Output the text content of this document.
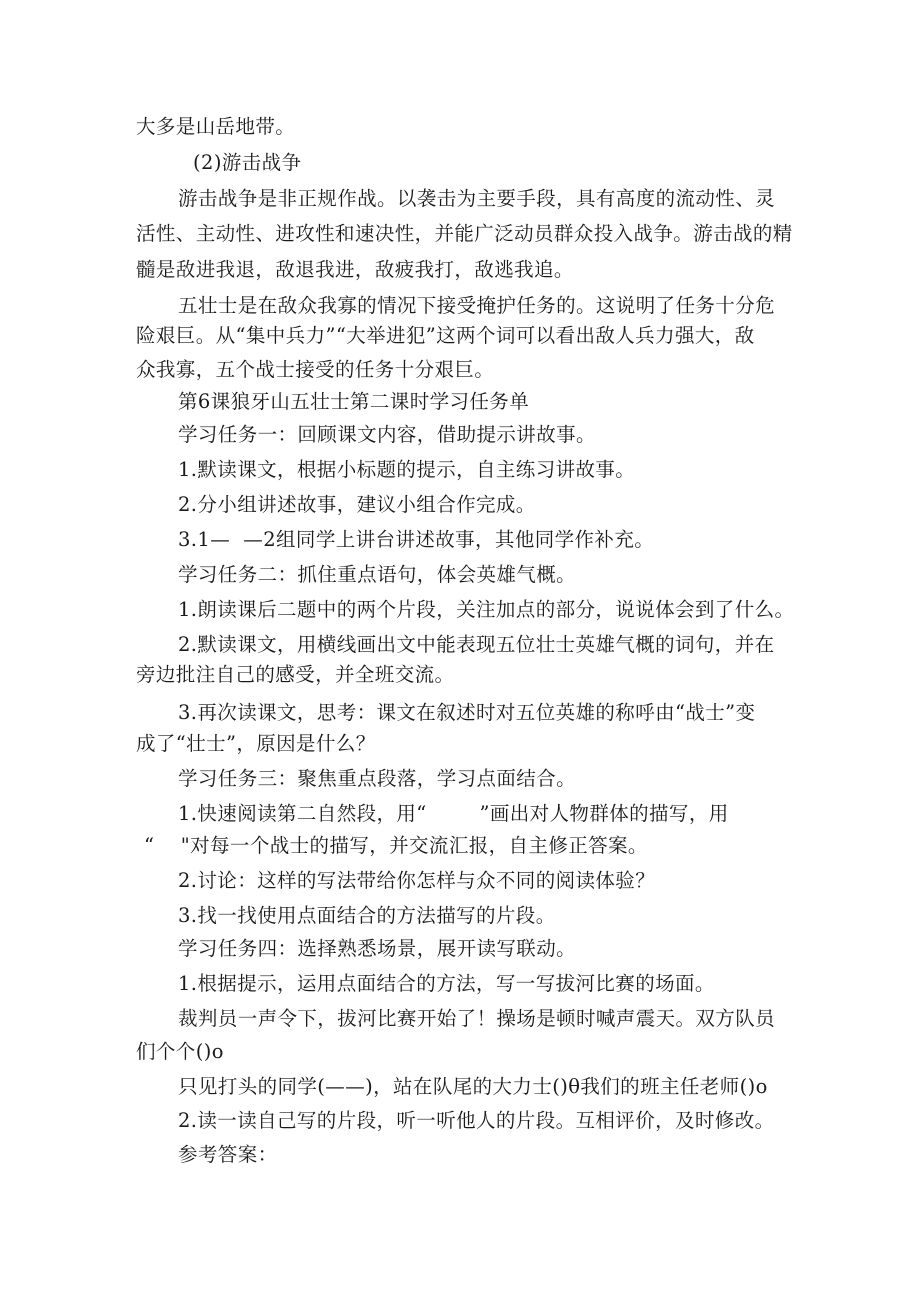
大多是山岳地带。
(2)游击战争
游击战争是非正规作战。以袭击为主要手段，具有高度的流动性、灵
活性、主动性、进攻性和速决性，并能广泛动员群众投入战争。游击战的精
髓是敌进我退，敌退我进，敌疲我打，敌逃我追。
五壮士是在敌众我寡的情况下接受掩护任务的。这说明了任务十分危
险艰巨。从“集中兵力”“大举进犯”这两个词可以看出敌人兵力强大，敌
众我寡，五个战士接受的任务十分艰巨。
第6课狼牙山五壮士第二课时学习任务单
学习任务一：回顾课文内容，借助提示讲故事。
1.默读课文，根据小标题的提示，自主练习讲故事。
2.分小组讲述故事，建议小组合作完成。
3.1—  —2组同学上讲台讲述故事，其他同学作补充。
学习任务二：抓住重点语句，体会英雄气概。
1.朗读课后二题中的两个片段，关注加点的部分，说说体会到了什么。
2.默读课文，用横线画出文中能表现五位壮士英雄气概的词句，并在
旁边批注自己的感受，并全班交流。
3.再次读课文，思考：课文在叙述时对五位英雄的称呼由“战士”变
成了“壮士”，原因是什么？
学习任务三：聚焦重点段落，学习点面结合。
1.快速阅读第二自然段，用“        ”画出对人物群体的描写，用
“    "对每一个战士的描写，并交流汇报，自主修正答案。
2.讨论：这样的写法带给你怎样与众不同的阅读体验？
3.找一找使用点面结合的方法描写的片段。
学习任务四：选择熟悉场景，展开读写联动。
1.根据提示，运用点面结合的方法，写一写拔河比赛的场面。
裁判员一声令下，拔河比赛开始了！操场是顿时喊声震天。双方队员
们个个()o
只见打头的同学(——)，站在队尾的大力士()θ我们的班主任老师()o
2.读一读自己写的片段，听一听他人的片段。互相评价，及时修改。
参考答案：
